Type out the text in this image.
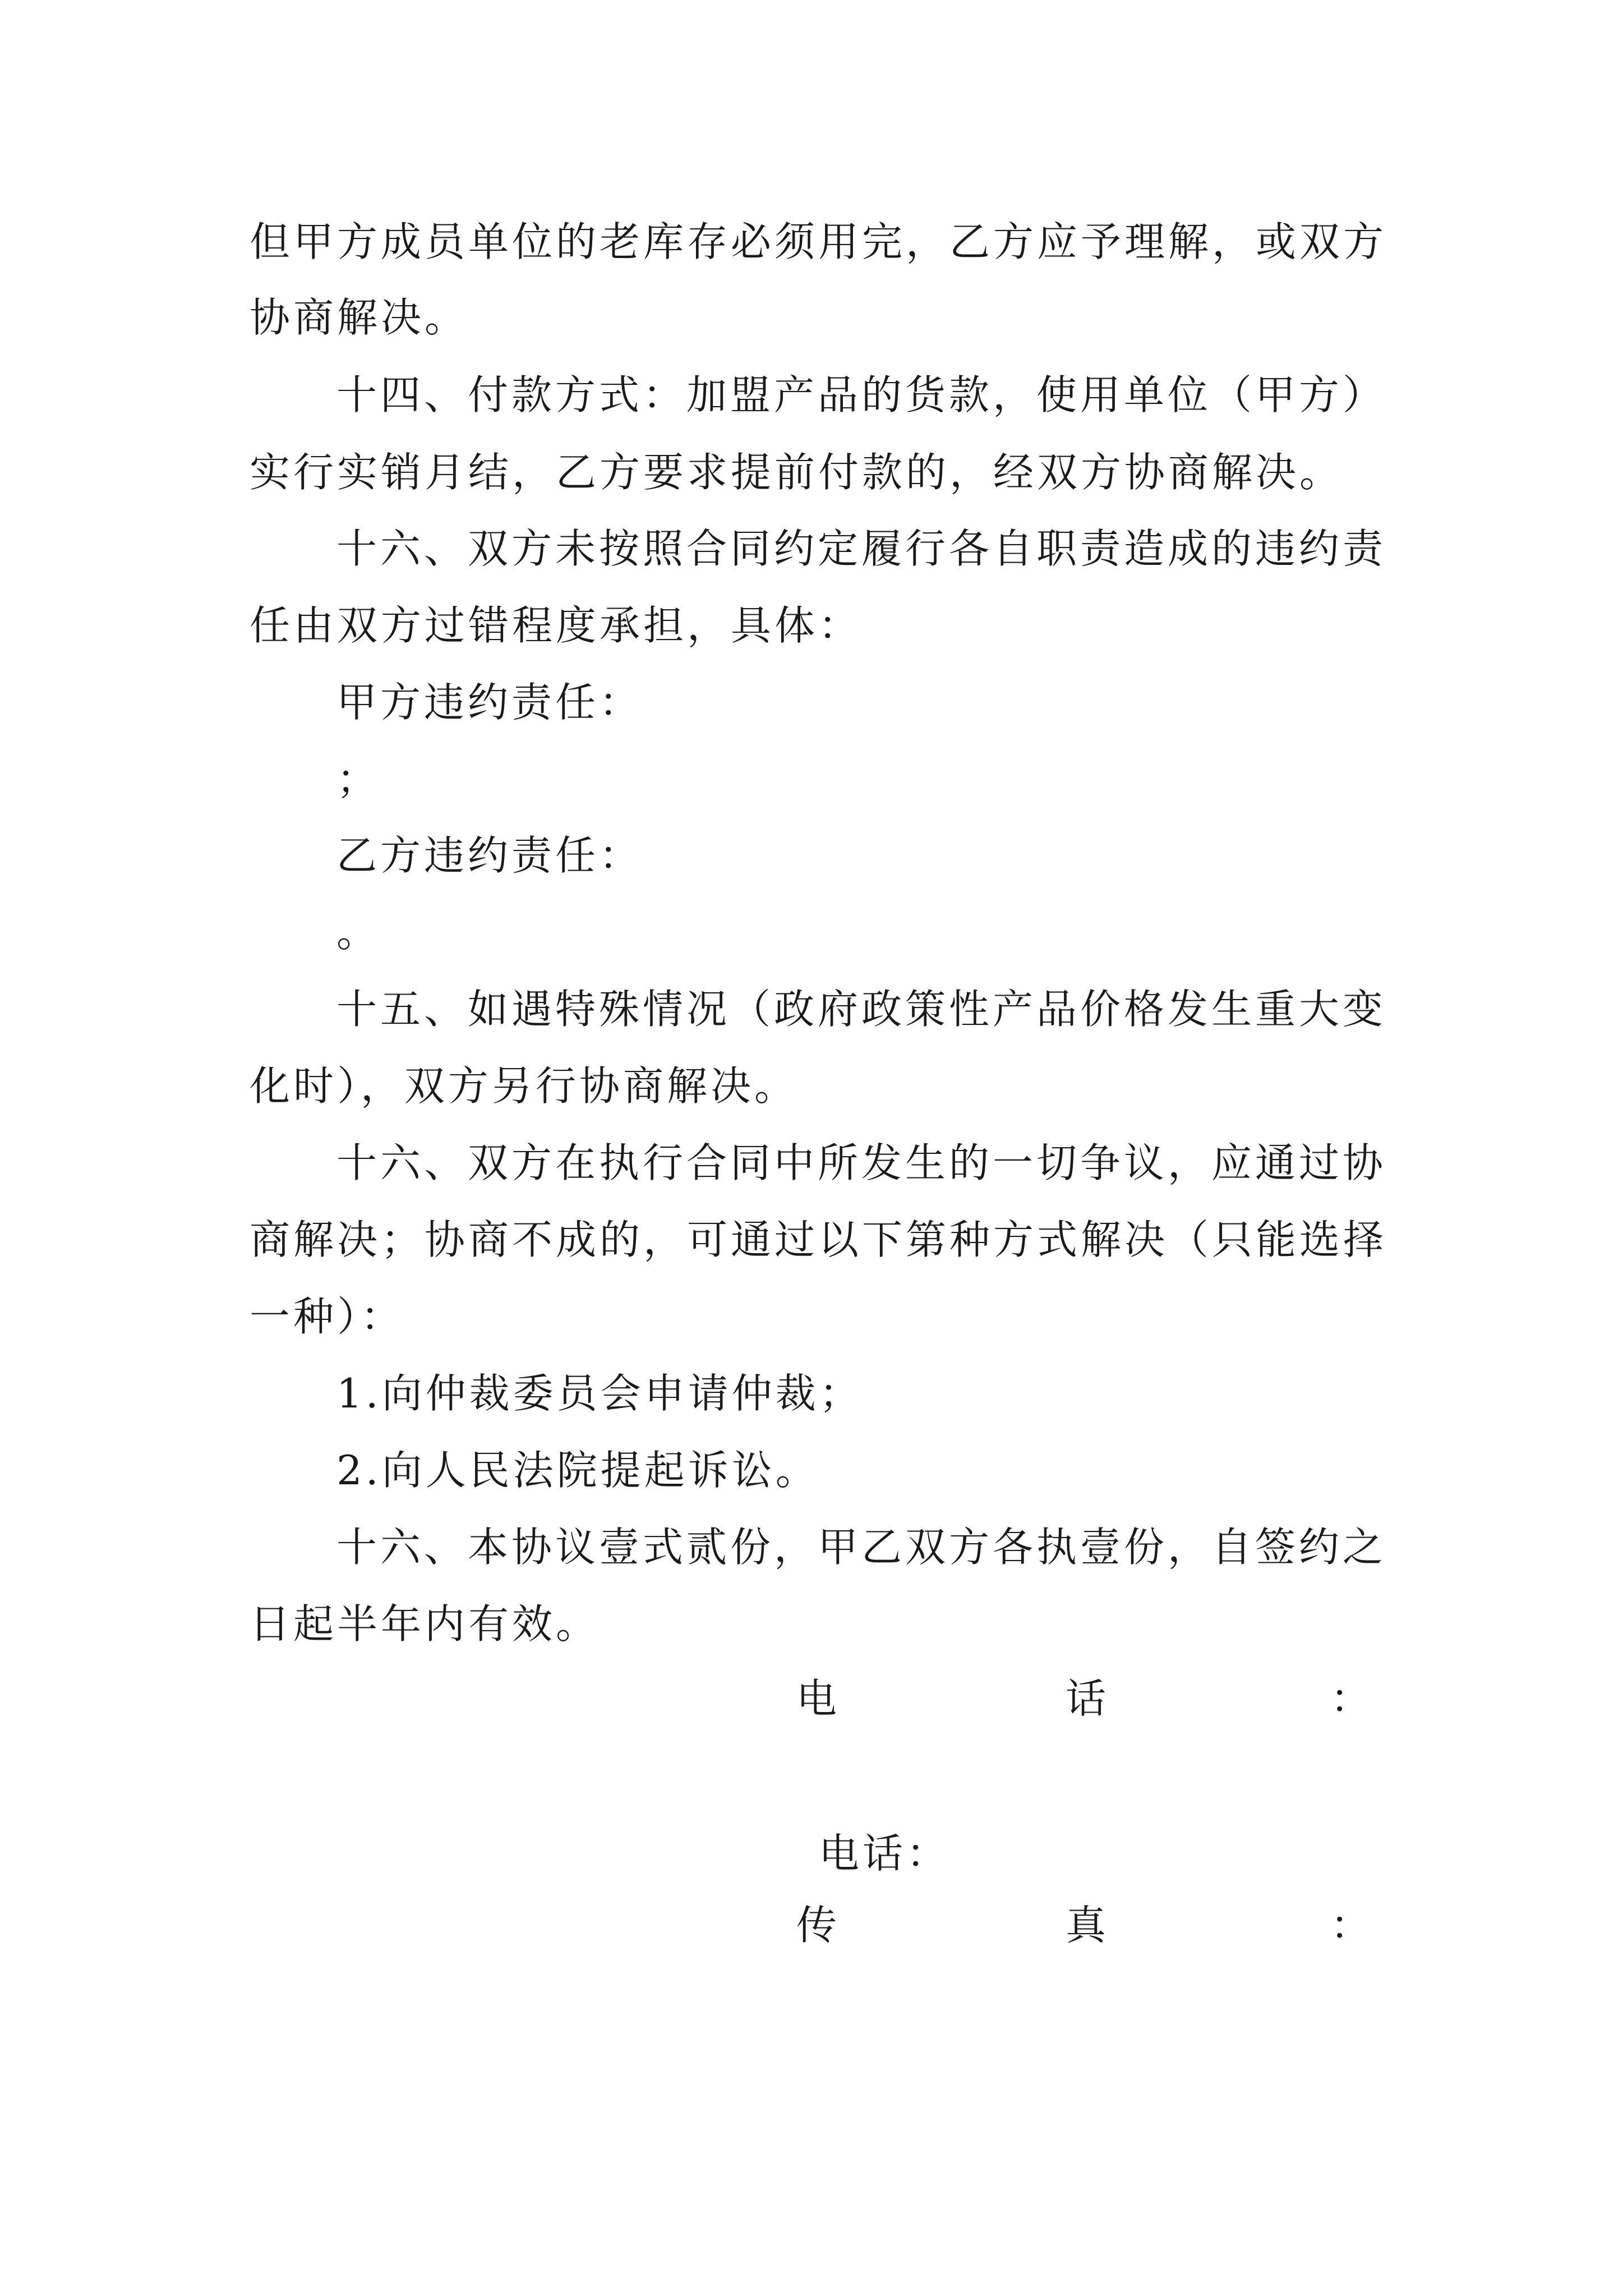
但甲方成员单位的老库存必须用完，乙方应予理解，或双方

协商解决。

十四、付款方式：加盟产品的货款，使用单位（甲方）

实行实销月结，乙方要求提前付款的，经双方协商解决。

十六、双方未按照合同约定履行各自职责造成的违约责

任由双方过错程度承担，具体：

甲方违约责任：

；

乙方违约责任：

。

十五、如遇特殊情况（政府政策性产品价格发生重大变

化时），双方另行协商解决。

十六、双方在执行合同中所发生的一切争议，应通过协

商解决；协商不成的，可通过以下第种方式解决（只能选择

一种）：

1.向仲裁委员会申请仲裁；

2.向人民法院提起诉讼。

十六、本协议壹式贰份，甲乙双方各执壹份，自签约之

日起半年内有效。

电	话	：
电话：
传	真	：
